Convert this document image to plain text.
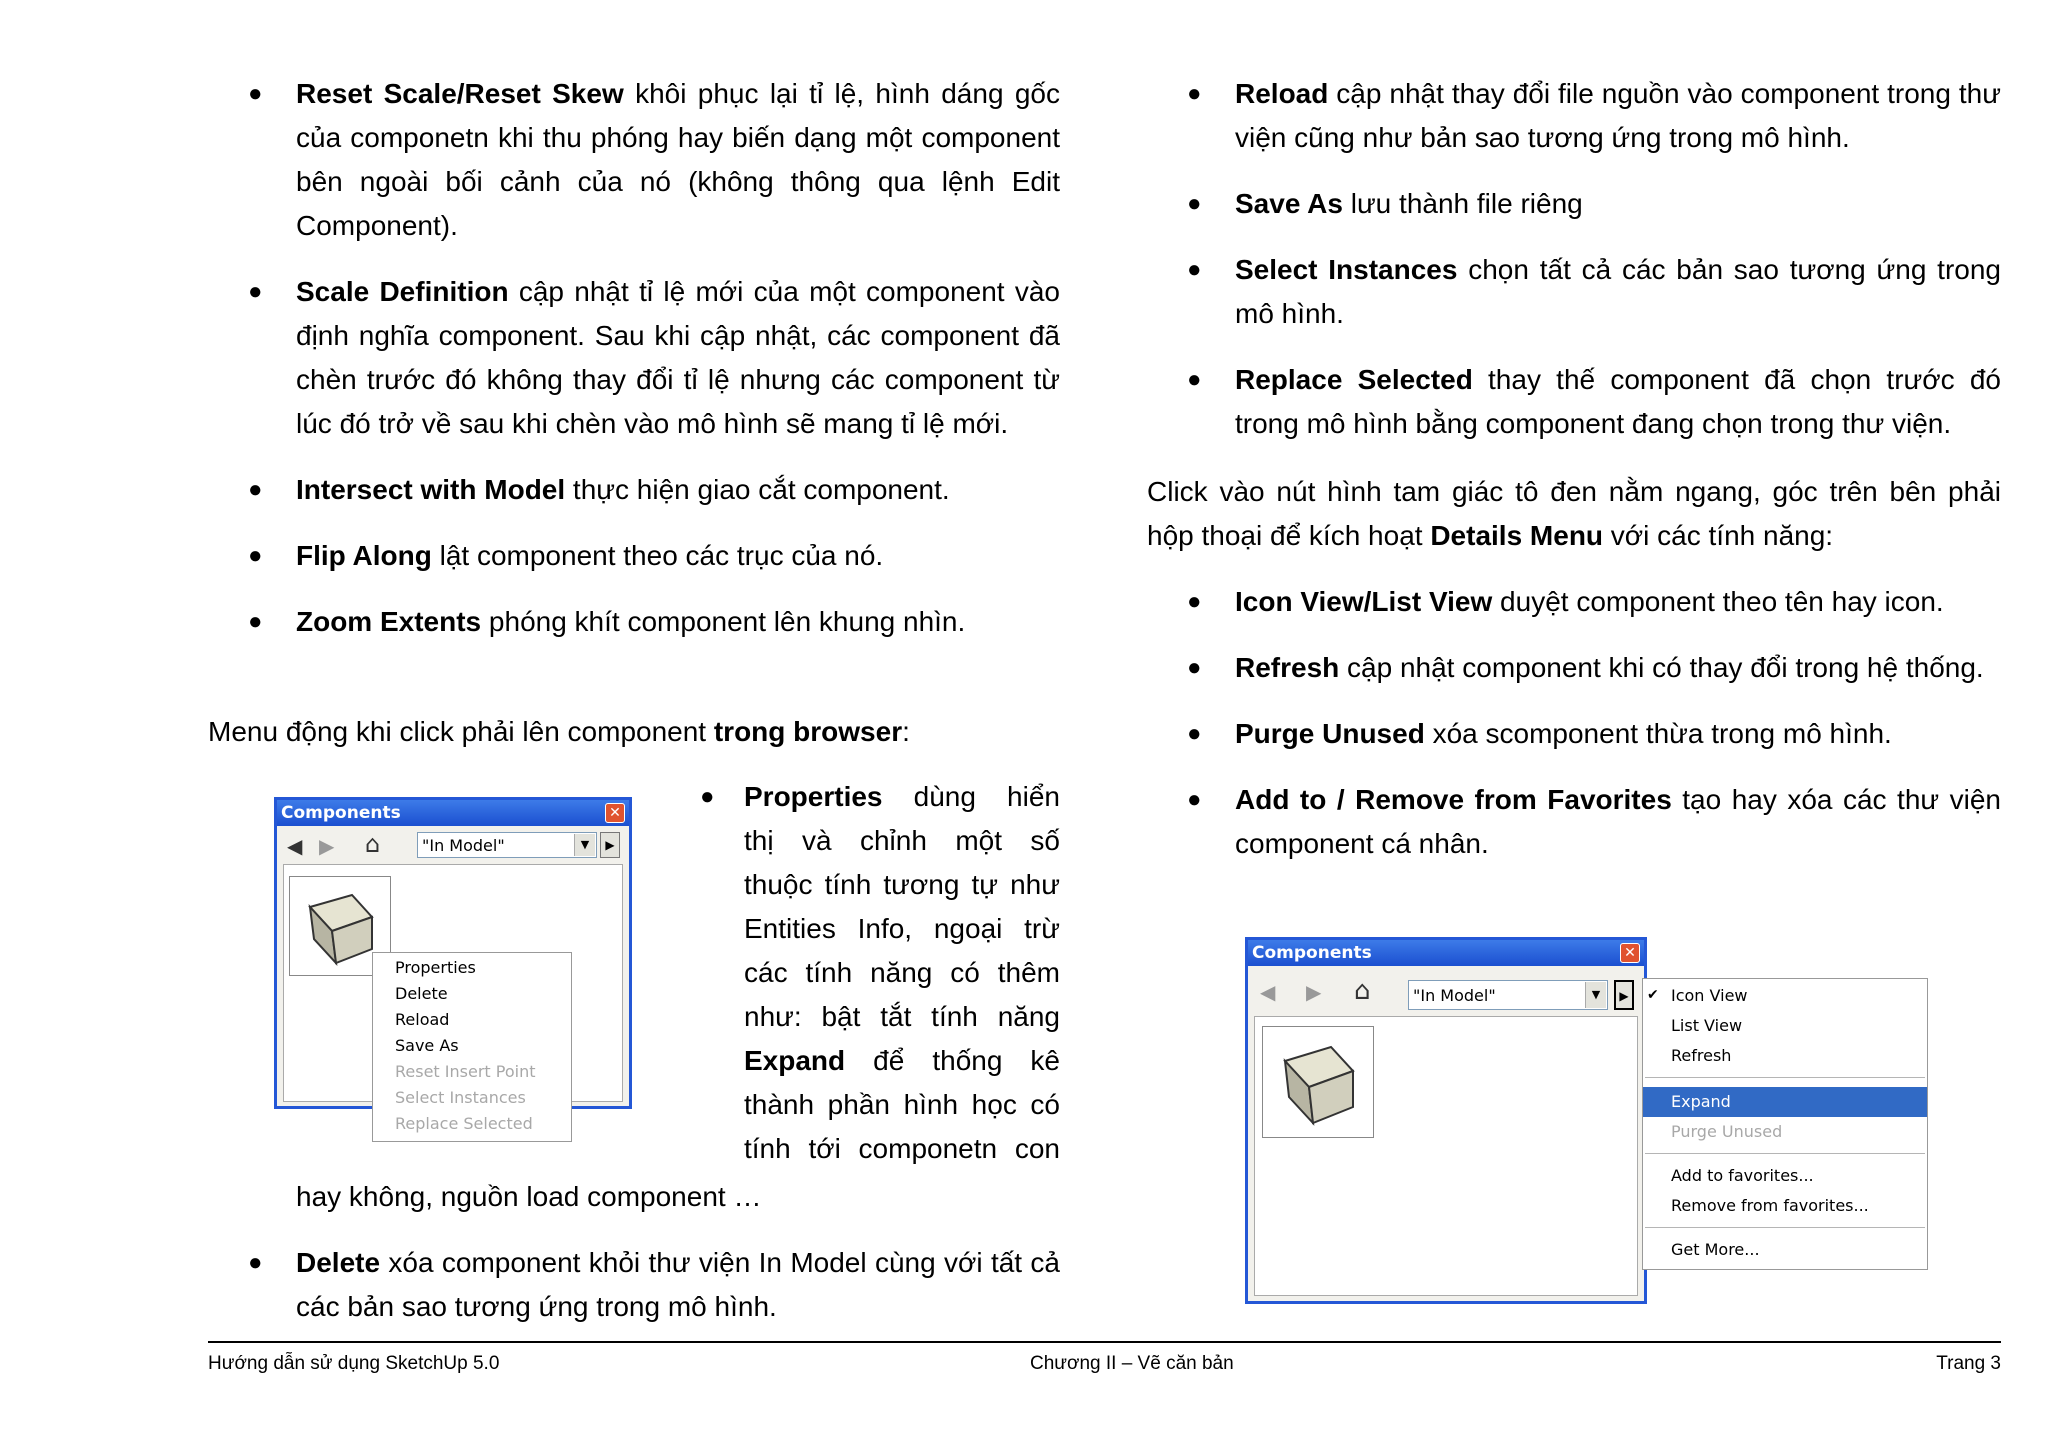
● Reset Scale/Reset Skew khôi phục lại tỉ lệ, hình dáng gốc của componetn khi thu phóng hay biến dạng một component bên ngoài bối cảnh của nó (không thông qua lệnh Edit Component).
● Scale Definition cập nhật tỉ lệ mới của một component vào định nghĩa component. Sau khi cập nhật, các component đã chèn trước đó không thay đổi tỉ lệ nhưng các component từ lúc đó trở về sau khi chèn vào mô hình sẽ mang tỉ lệ mới.
● Intersect with Model thực hiện giao cắt component.
● Flip Along lật component theo các trục của nó.
● Zoom Extents phóng khít component lên khung nhìn.
Menu động khi click phải lên component trong browser:
Components	✕
◀ ▶ ⌂	"In Model"	▼	▶
Properties
Delete
Reload
Save As
Reset Insert Point
Select Instances
Replace Selected
●	Properties dùng hiển
thị và chỉnh một số
thuộc tính tương tự như
Entities Info, ngoại trừ
các tính năng có thêm
như: bật tắt tính năng
Expand để thống kê
thành phần hình học có
tính tới componetn con
hay không, nguồn load component …
● Delete xóa component khỏi thư viện In Model cùng với tất cả các bản sao tương ứng trong mô hình.
● Reload cập nhật thay đổi file nguồn vào component trong thư viện cũng như bản sao tương ứng trong mô hình.
● Save As lưu thành file riêng
● Select Instances chọn tất cả các bản sao tương ứng trong mô hình.
● Replace Selected thay thế component đã chọn trước đó trong mô hình bằng component đang chọn trong thư viện.
Click vào nút hình tam giác tô đen nằm ngang, góc trên bên phải hộp thoại để kích hoạt Details Menu với các tính năng:
● Icon View/List View duyệt component theo tên hay icon.
● Refresh cập nhật component khi có thay đổi trong hệ thống.
● Purge Unused xóa scomponent thừa trong mô hình.
● Add to / Remove from Favorites tạo hay xóa các thư viện component cá nhân.
Components	✕
◀ ▶ ⌂	"In Model"	▼	▶	✔ Icon View
List View
Refresh
Expand
Purge Unused
Add to favorites...
Remove from favorites...
Get More...
Hướng dẫn sử dụng SketchUp 5.0	Chương II – Vẽ căn bản	Trang 3
